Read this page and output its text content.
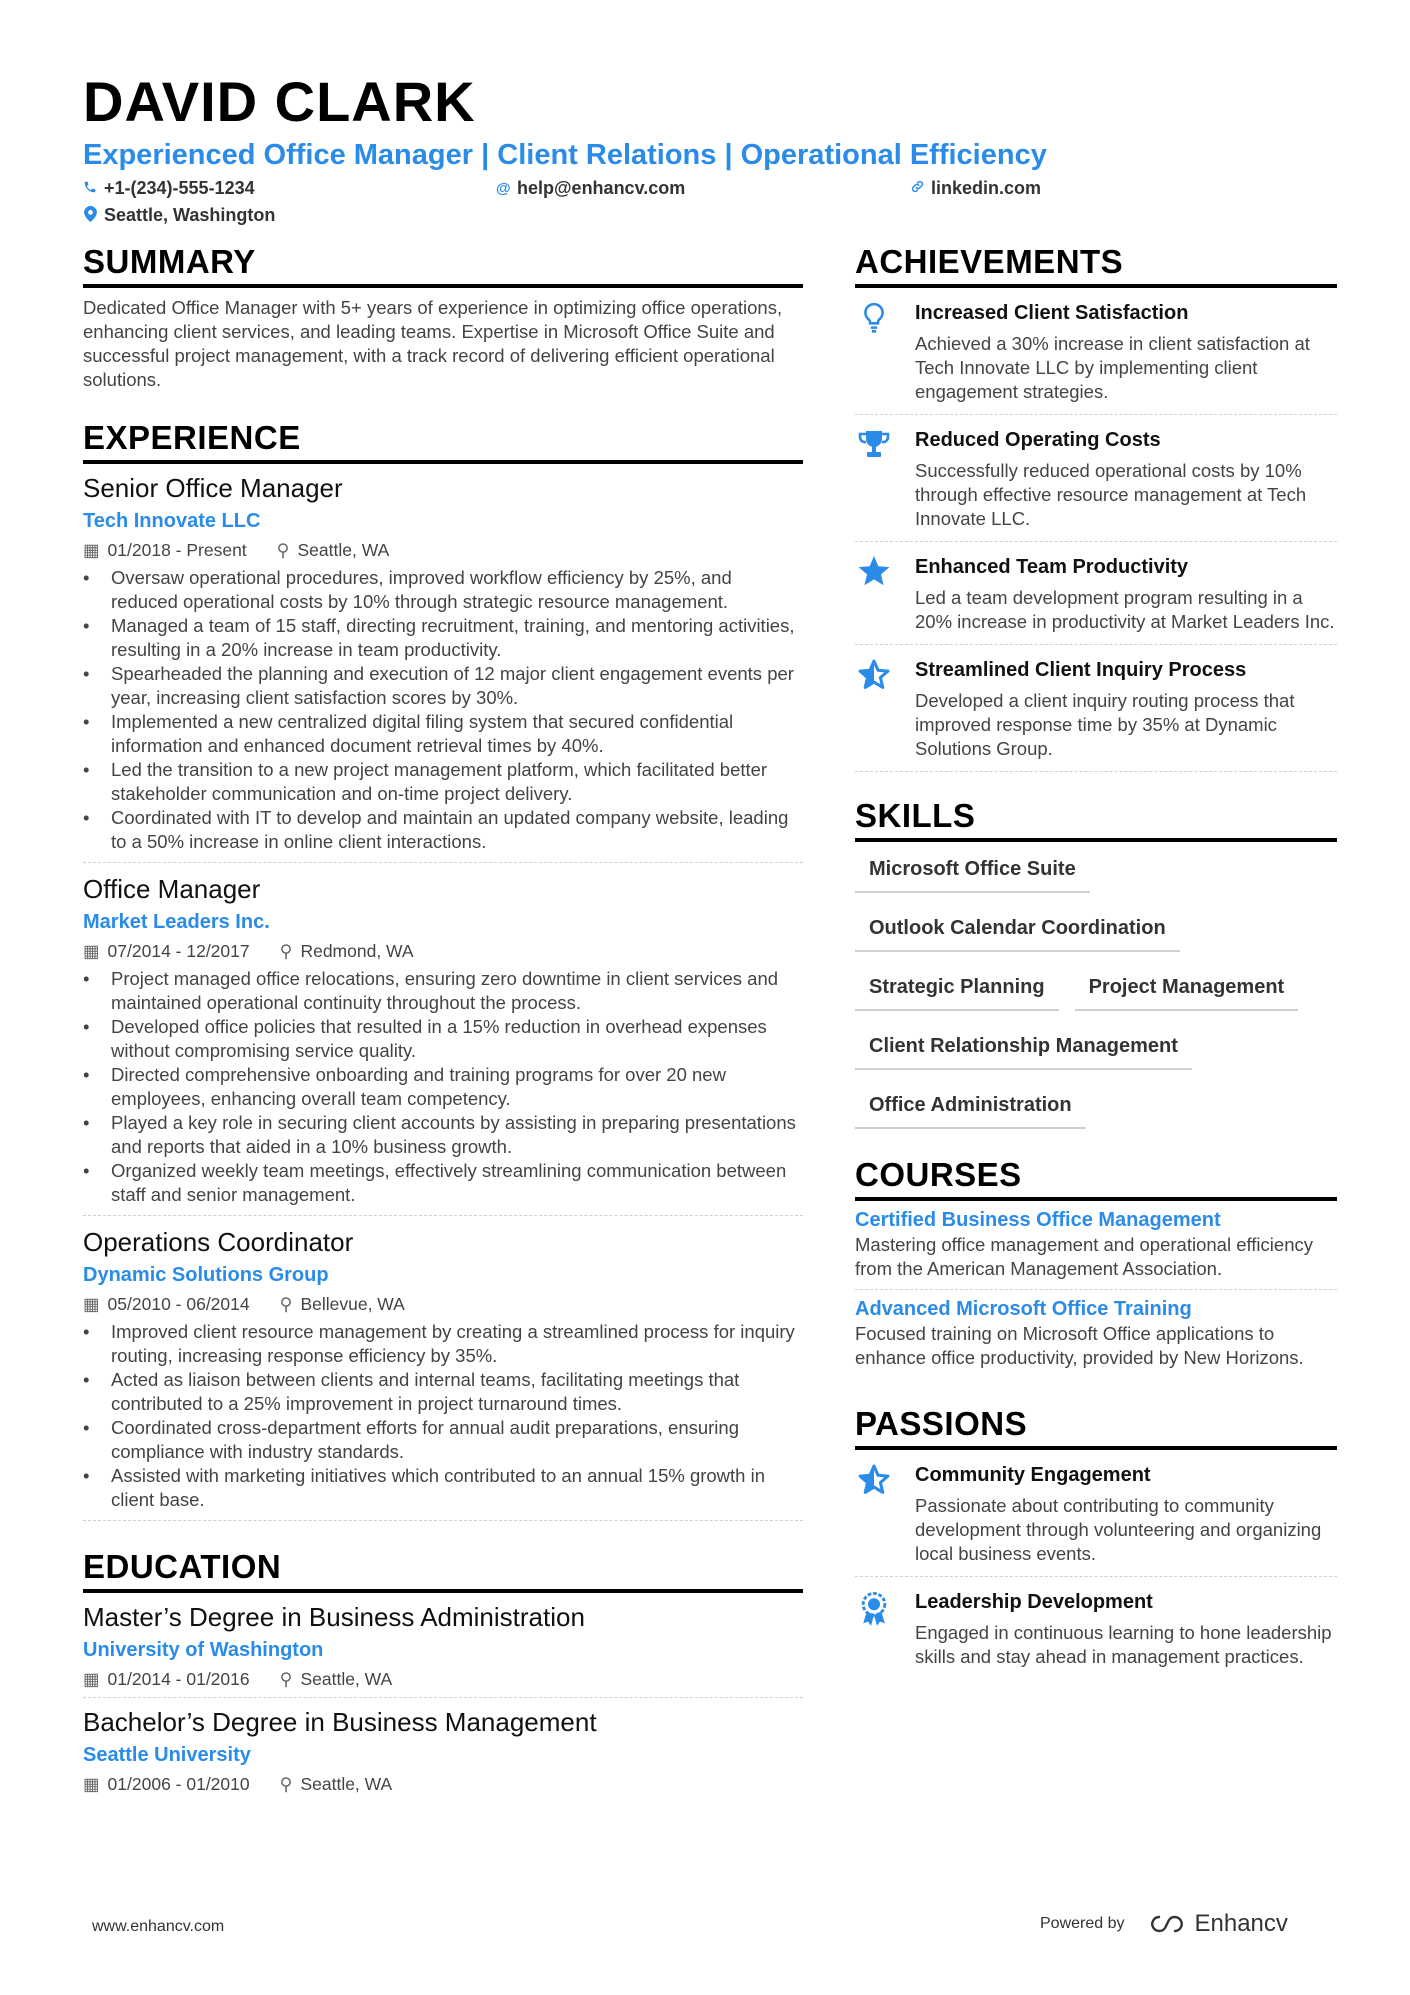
DAVID CLARK
Experienced Office Manager | Client Relations | Operational Efficiency
+1-(234)-555-1234	@ help@enhancv.com	linkedin.com
Seattle, Washington
SUMMARY
Dedicated Office Manager with 5+ years of experience in optimizing office operations, enhancing client services, and leading teams. Expertise in Microsoft Office Suite and successful project management, with a track record of delivering efficient operational solutions.
EXPERIENCE
Senior Office Manager
Tech Innovate LLC
▦ 01/2018 - Present ⚲ Seattle, WA
• Oversaw operational procedures, improved workflow efficiency by 25%, and reduced operational costs by 10% through strategic resource management.
• Managed a team of 15 staff, directing recruitment, training, and mentoring activities, resulting in a 20% increase in team productivity.
• Spearheaded the planning and execution of 12 major client engagement events per year, increasing client satisfaction scores by 30%.
• Implemented a new centralized digital filing system that secured confidential information and enhanced document retrieval times by 40%.
• Led the transition to a new project management platform, which facilitated better stakeholder communication and on-time project delivery.
• Coordinated with IT to develop and maintain an updated company website, leading to a 50% increase in online client interactions.
Office Manager
Market Leaders Inc.
▦ 07/2014 - 12/2017 ⚲ Redmond, WA
• Project managed office relocations, ensuring zero downtime in client services and maintained operational continuity throughout the process.
• Developed office policies that resulted in a 15% reduction in overhead expenses without compromising service quality.
• Directed comprehensive onboarding and training programs for over 20 new employees, enhancing overall team competency.
• Played a key role in securing client accounts by assisting in preparing presentations and reports that aided in a 10% business growth.
• Organized weekly team meetings, effectively streamlining communication between staff and senior management.
Operations Coordinator
Dynamic Solutions Group
▦ 05/2010 - 06/2014 ⚲ Bellevue, WA
• Improved client resource management by creating a streamlined process for inquiry routing, increasing response efficiency by 35%.
• Acted as liaison between clients and internal teams, facilitating meetings that contributed to a 25% improvement in project turnaround times.
• Coordinated cross-department efforts for annual audit preparations, ensuring compliance with industry standards.
• Assisted with marketing initiatives which contributed to an annual 15% growth in client base.
EDUCATION
Master’s Degree in Business Administration
University of Washington
▦ 01/2014 - 01/2016 ⚲ Seattle, WA
Bachelor’s Degree in Business Management
Seattle University
▦ 01/2006 - 01/2010 ⚲ Seattle, WA
ACHIEVEMENTS
Increased Client Satisfaction
Achieved a 30% increase in client satisfaction at Tech Innovate LLC by implementing client engagement strategies.
Reduced Operating Costs
Successfully reduced operational costs by 10% through effective resource management at Tech Innovate LLC.
Enhanced Team Productivity
Led a team development program resulting in a 20% increase in productivity at Market Leaders Inc.
Streamlined Client Inquiry Process
Developed a client inquiry routing process that improved response time by 35% at Dynamic Solutions Group.
SKILLS
Microsoft Office Suite
Outlook Calendar Coordination
Strategic Planning	Project Management
Client Relationship Management
Office Administration
COURSES
Certified Business Office Management
Mastering office management and operational efficiency from the American Management Association.
Advanced Microsoft Office Training
Focused training on Microsoft Office applications to enhance office productivity, provided by New Horizons.
PASSIONS
Community Engagement
Passionate about contributing to community development through volunteering and organizing local business events.
Leadership Development
Engaged in continuous learning to hone leadership skills and stay ahead in management practices.
www.enhancv.com	Powered by	Enhancv
